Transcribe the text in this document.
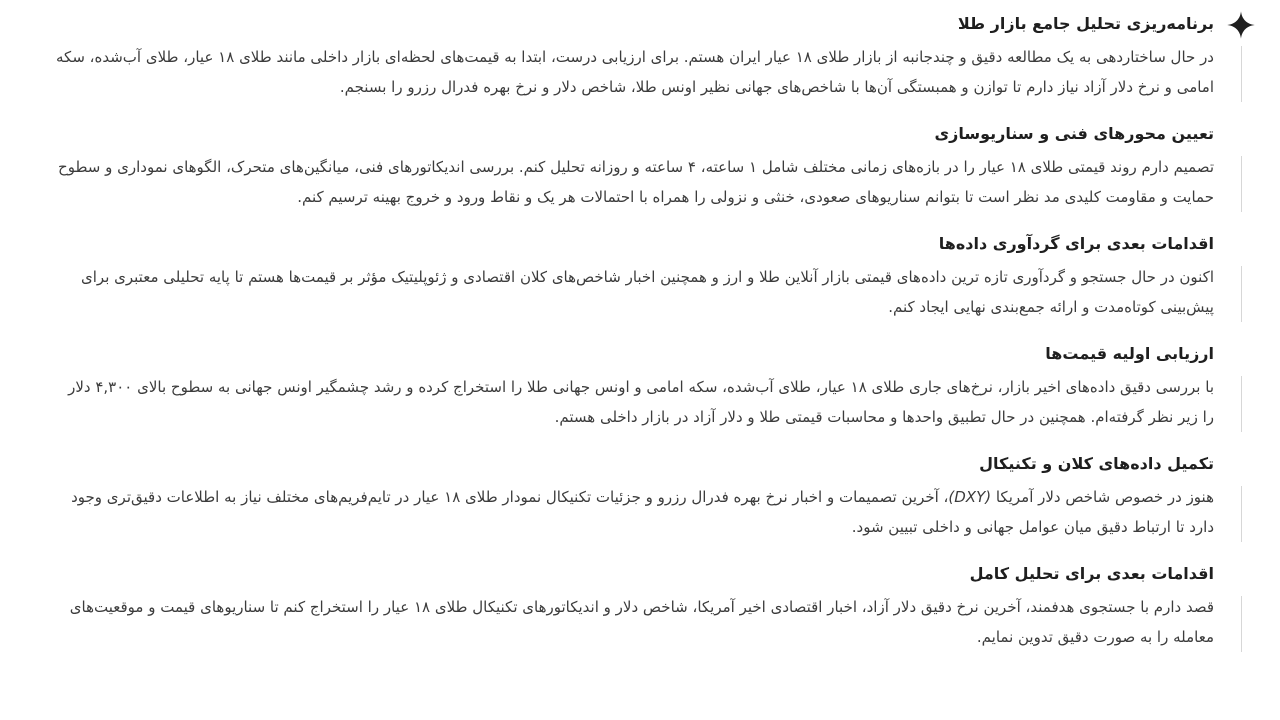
برنامه‌ریزی تحلیل جامع بازار طلا

در حال ساختاردهی به یک مطالعه دقیق و چندجانبه از بازار طلای ۱۸ عیار ایران هستم. برای ارزیابی درست، ابتدا به قیمت‌های لحظه‌ای بازار داخلی مانند طلای ۱۸ عیار، طلای آب‌شده، سکه امامی و نرخ دلار آزاد نیاز دارم تا توازن و همبستگی آن‌ها با شاخص‌های جهانی نظیر اونس طلا، شاخص دلار و نرخ بهره فدرال رزرو را بسنجم.

تعیین محورهای فنی و سناریوسازی

تصمیم دارم روند قیمتی طلای ۱۸ عیار را در بازه‌های زمانی مختلف شامل ۱ ساعته، ۴ ساعته و روزانه تحلیل کنم. بررسی اندیکاتورهای فنی، میانگین‌های متحرک، الگوهای نموداری و سطوح حمایت و مقاومت کلیدی مد نظر است تا بتوانم سناریوهای صعودی، خنثی و نزولی را همراه با احتمالات هر یک و نقاط ورود و خروج بهینه ترسیم کنم.

اقدامات بعدی برای گردآوری داده‌ها

اکنون در حال جستجو و گردآوری تازه ترین داده‌های قیمتی بازار آنلاین طلا و ارز و همچنین اخبار شاخص‌های کلان اقتصادی و ژئوپلیتیک مؤثر بر قیمت‌ها هستم تا پایه تحلیلی معتبری برای پیش‌بینی کوتاه‌مدت و ارائه جمع‌بندی نهایی ایجاد کنم.

ارزیابی اولیه قیمت‌ها

با بررسی دقیق داده‌های اخیر بازار، نرخ‌های جاری طلای ۱۸ عیار، طلای آب‌شده، سکه امامی و اونس جهانی طلا را استخراج کرده و رشد چشمگیر اونس جهانی به سطوح بالای ۴,۳۰۰ دلار را زیر نظر گرفته‌ام. همچنین در حال تطبیق واحدها و محاسبات قیمتی طلا و دلار آزاد در بازار داخلی هستم.

تکمیل داده‌های کلان و تکنیکال

هنوز در خصوص شاخص دلار آمریکا (DXY)، آخرین تصمیمات و اخبار نرخ بهره فدرال رزرو و جزئیات تکنیکال نمودار طلای ۱۸ عیار در تایم‌فریم‌های مختلف نیاز به اطلاعات دقیق‌تری وجود دارد تا ارتباط دقیق میان عوامل جهانی و داخلی تبیین شود.

اقدامات بعدی برای تحلیل کامل

قصد دارم با جستجوی هدفمند، آخرین نرخ دقیق دلار آزاد، اخبار اقتصادی اخیر آمریکا، شاخص دلار و اندیکاتورهای تکنیکال طلای ۱۸ عیار را استخراج کنم تا سناریوهای قیمت و موقعیت‌های معامله را به صورت دقیق تدوین نمایم.
